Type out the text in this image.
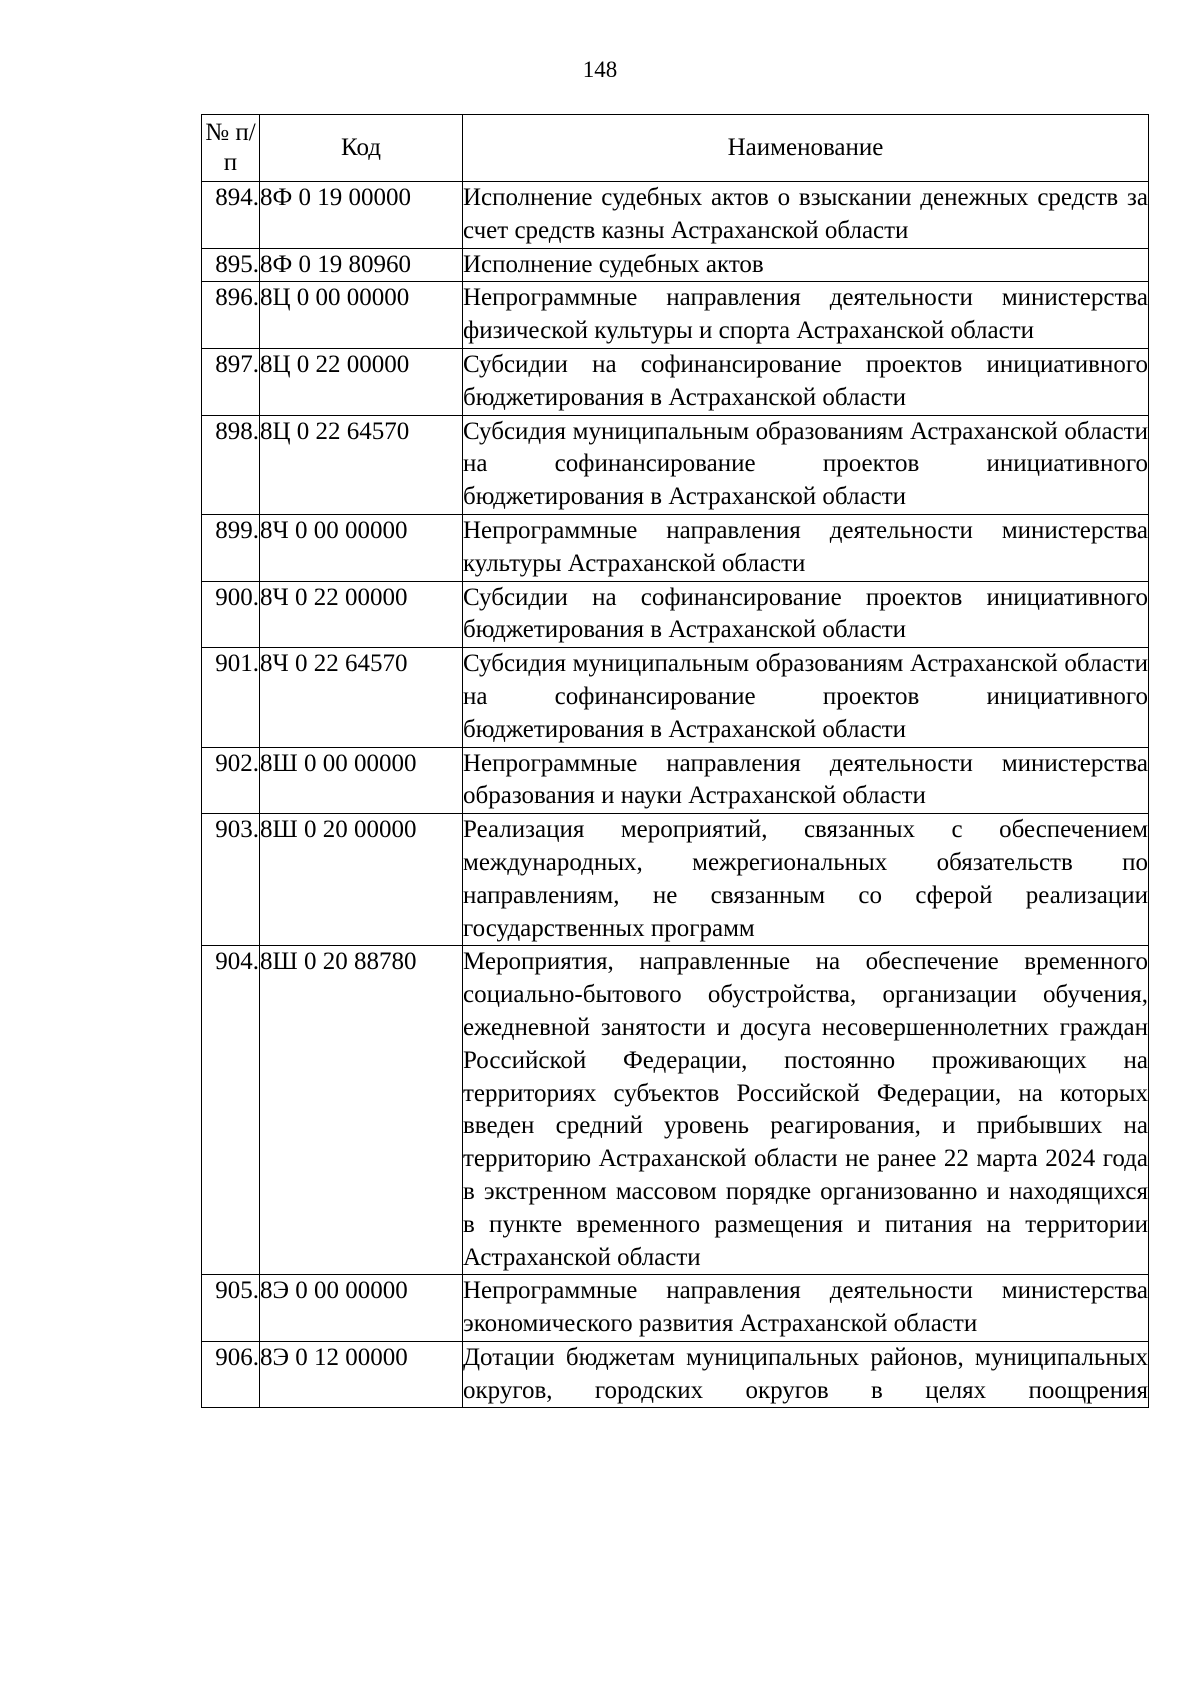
148
№ п/п	Код	Наименование
894.	8Ф 0 19 00000	Исполнение судебных актов о взыскании денежных средств за счет средств казны Астраханской области
895.	8Ф 0 19 80960	Исполнение судебных актов
896.	8Ц 0 00 00000	Непрограммные направления деятельности министерства физической культуры и спорта Астраханской области
897.	8Ц 0 22 00000	Субсидии на софинансирование проектов инициативного бюджетирования в Астраханской области
898.	8Ц 0 22 64570	Субсидия муниципальным образованиям Астраханской области на софинансирование проектов инициативного бюджетирования в Астраханской области
899.	8Ч 0 00 00000	Непрограммные направления деятельности министерства культуры Астраханской области
900.	8Ч 0 22 00000	Субсидии на софинансирование проектов инициативного бюджетирования в Астраханской области
901.	8Ч 0 22 64570	Субсидия муниципальным образованиям Астраханской области на софинансирование проектов инициативного бюджетирования в Астраханской области
902.	8Ш 0 00 00000	Непрограммные направления деятельности министерства образования и науки Астраханской области
903.	8Ш 0 20 00000	Реализация мероприятий, связанных с обеспечением международных, межрегиональных обязательств по направлениям, не связанным со сферой реализации государственных программ
904.	8Ш 0 20 88780	Мероприятия, направленные на обеспечение временного социально-бытового обустройства, организации обучения, ежедневной занятости и досуга несовершеннолетних граждан Российской Федерации, постоянно проживающих на территориях субъектов Российской Федерации, на которых введен средний уровень реагирования, и прибывших на территорию Астраханской области не ранее 22 марта 2024 года в экстренном массовом порядке организованно и находящихся в пункте временного размещения и питания на территории Астраханской области
905.	8Э 0 00 00000	Непрограммные направления деятельности министерства экономического развития Астраханской области
906.	8Э 0 12 00000	Дотации бюджетам муниципальных районов, муниципальных округов, городских округов в целях поощрения
